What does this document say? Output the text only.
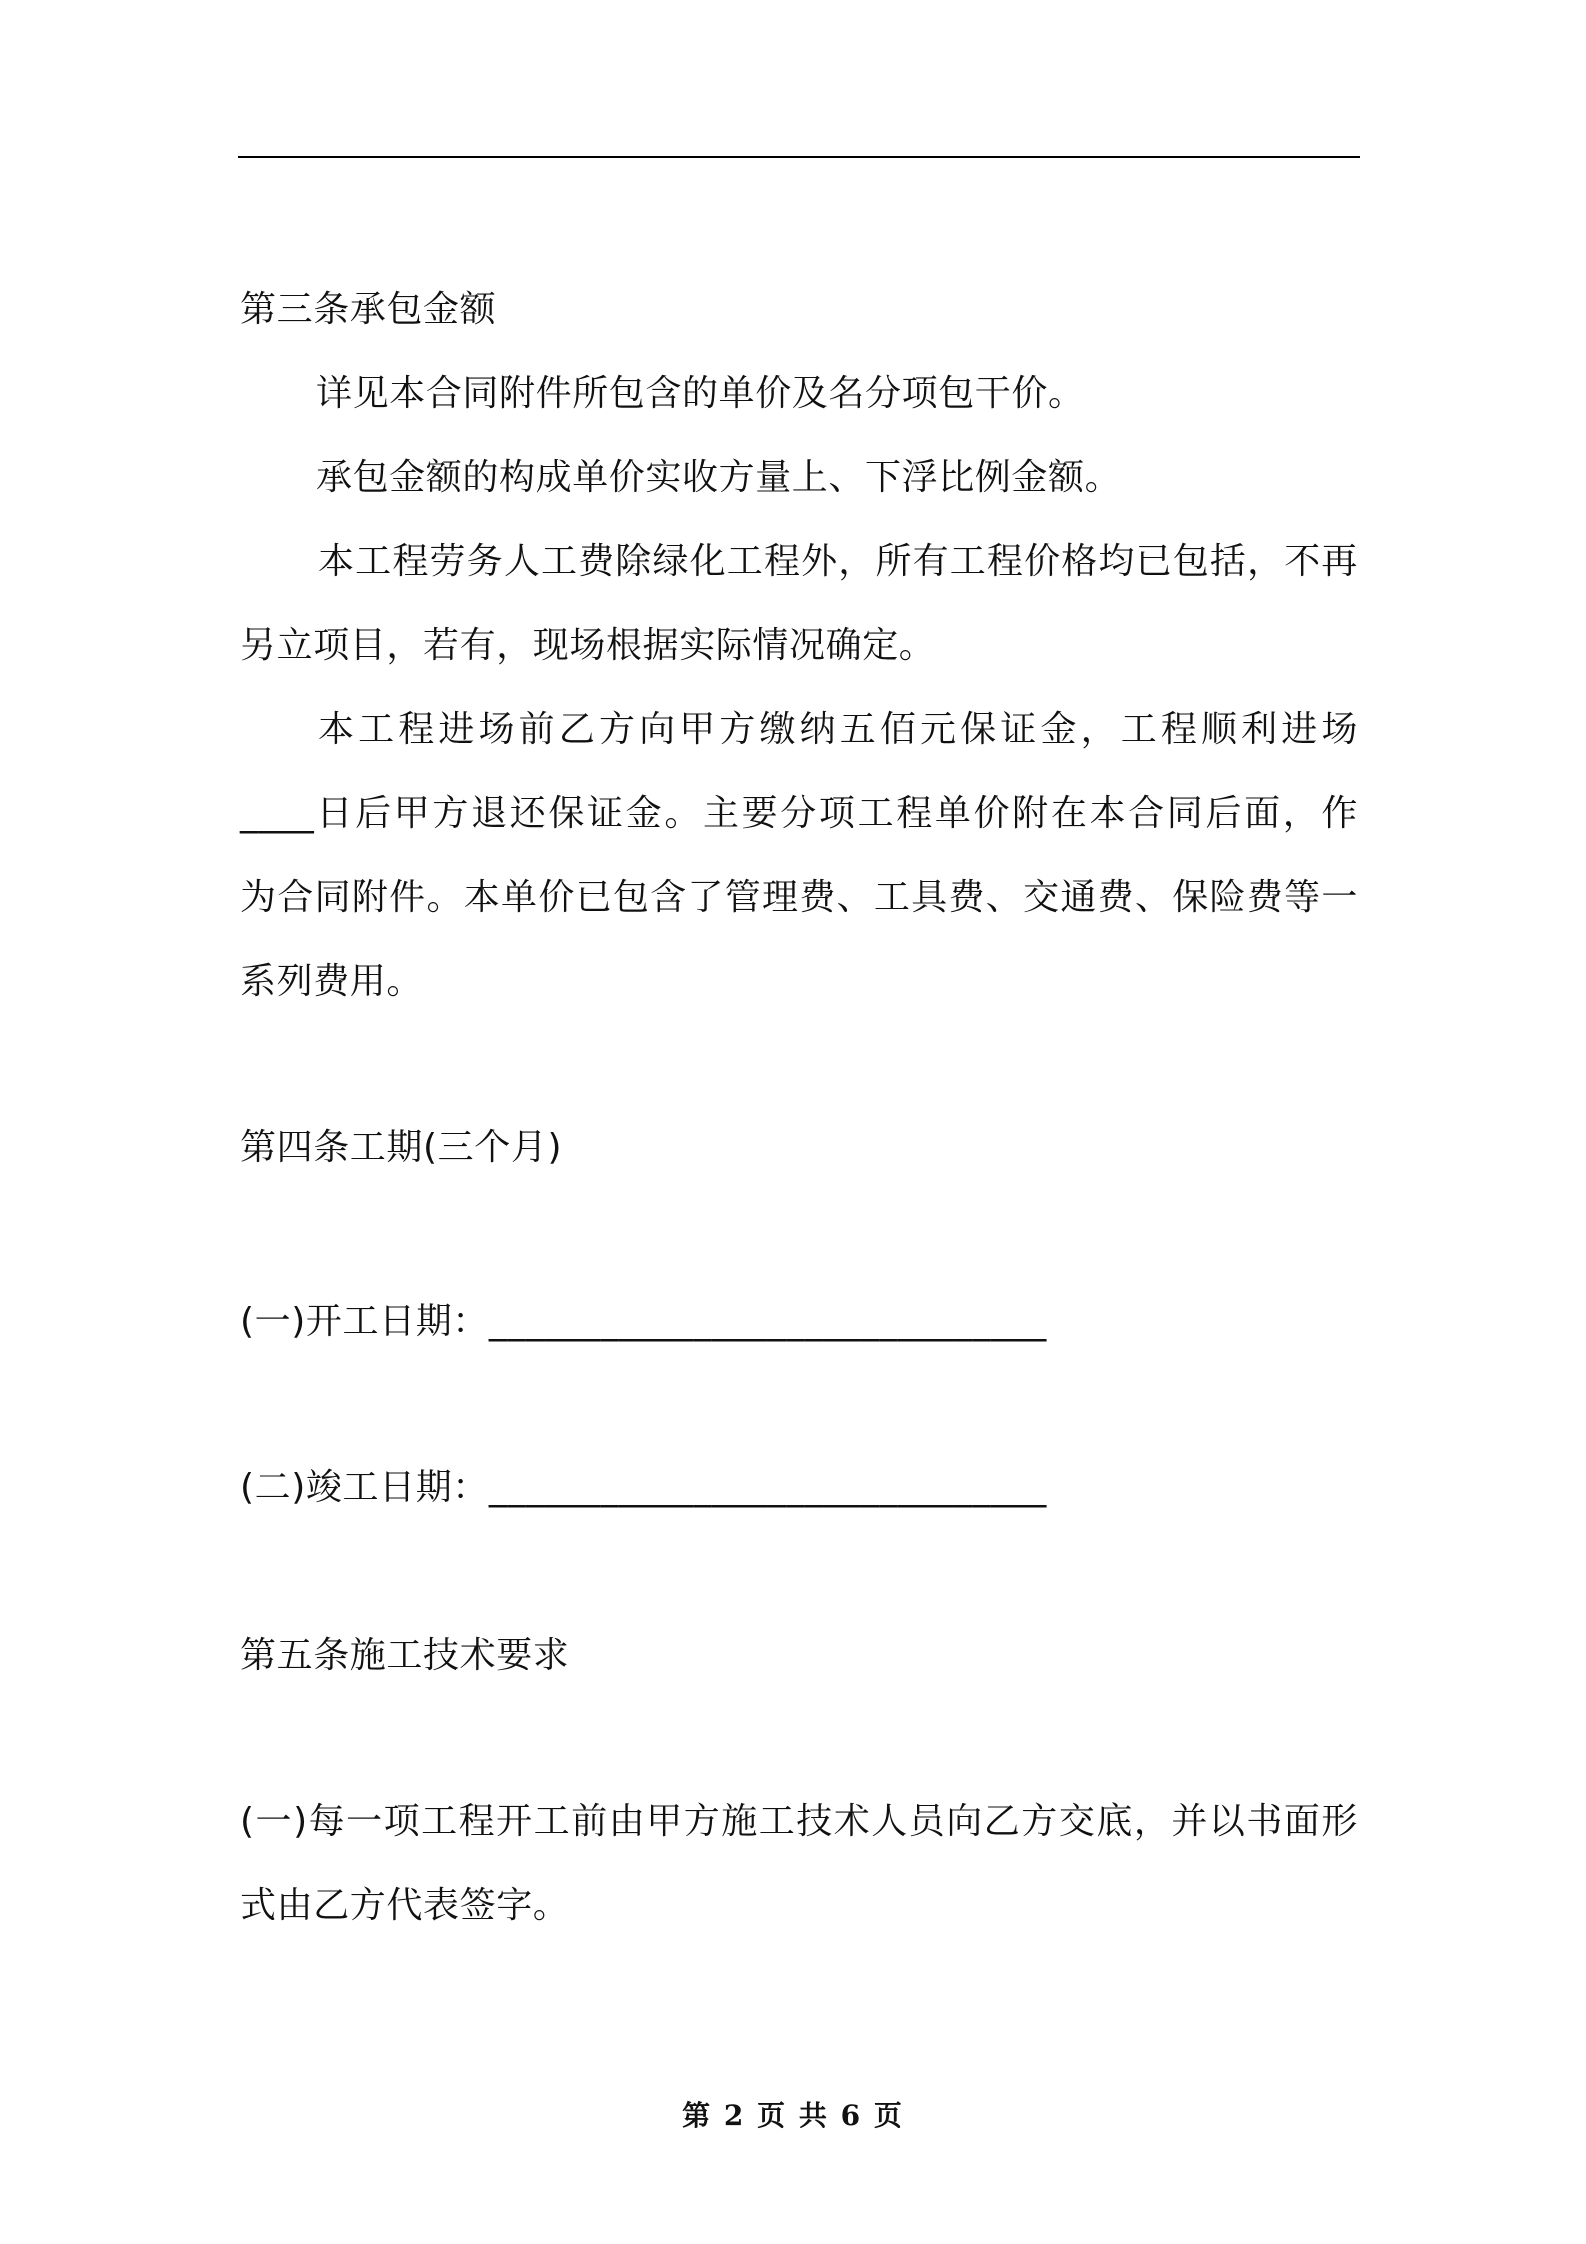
第三条承包金额
详见本合同附件所包含的单价及名分项包干价。
承包金额的构成单价实收方量上、下浮比例金额。
本工程劳务人工费除绿化工程外，所有工程价格均已包括，不再
另立项目，若有，现场根据实际情况确定。
本工程进场前乙方向甲方缴纳五佰元保证金，工程顺利进场
____日后甲方退还保证金。主要分项工程单价附在本合同后面，作
为合同附件。本单价已包含了管理费、工具费、交通费、保险费等一
系列费用。
第四条工期(三个月)
(一)开工日期：______________________________
(二)竣工日期：______________________________
第五条施工技术要求
(一)每一项工程开工前由甲方施工技术人员向乙方交底，并以书面形
式由乙方代表签字。
第 2 页 共 6 页
